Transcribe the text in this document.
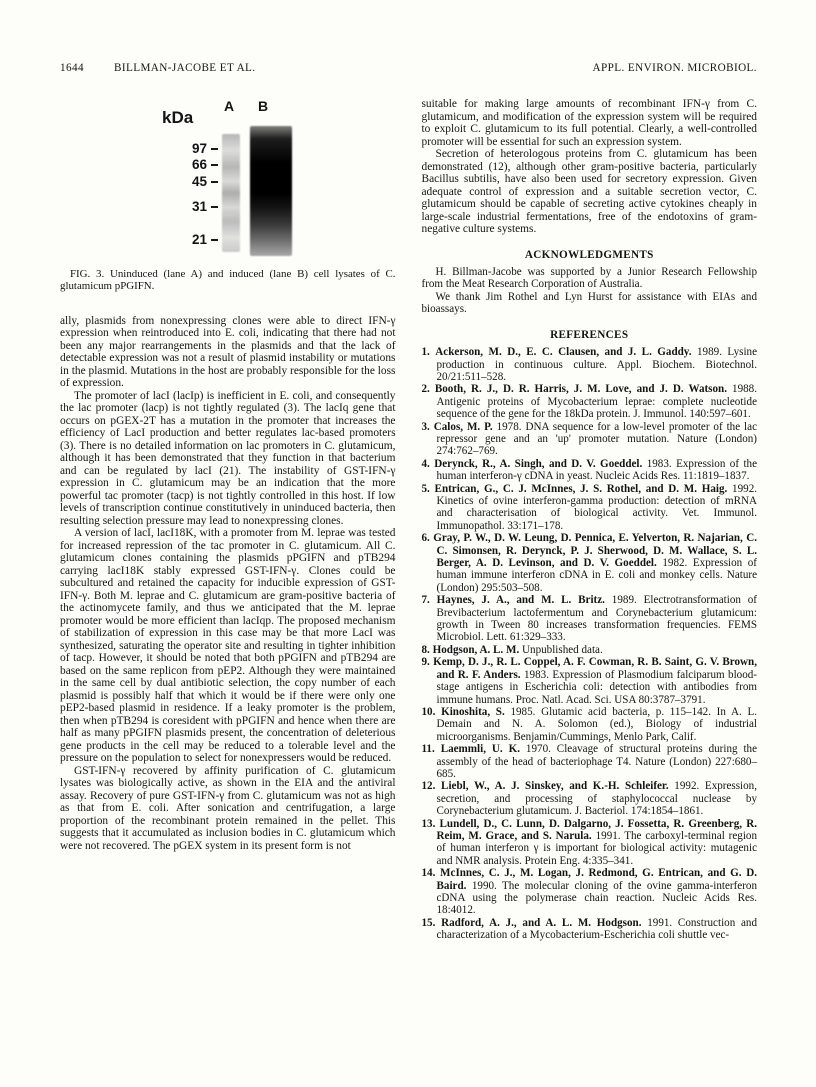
1644	BILLMAN-JACOBE ET AL.	APPL. ENVIRON. MICROBIOL.
kDa
A B
97
66
45
31
21
FIG. 3. Uninduced (lane A) and induced (lane B) cell lysates of C. glutamicum pPGIFN.

ally, plasmids from nonexpressing clones were able to direct IFN-γ expression when reintroduced into E. coli, indicating that there had not been any major rearrangements in the plasmids and that the lack of detectable expression was not a result of plasmid instability or mutations in the plasmid. Mutations in the host are probably responsible for the loss of expression.

The promoter of lacI (lacIp) is inefficient in E. coli, and consequently the lac promoter (lacp) is not tightly regulated (3). The lacIq gene that occurs on pGEX-2T has a mutation in the promoter that increases the efficiency of LacI production and better regulates lac-based promoters (3). There is no detailed information on lac promoters in C. glutamicum, although it has been demonstrated that they function in that bacterium and can be regulated by lacI (21). The instability of GST-IFN-γ expression in C. glutamicum may be an indication that the more powerful tac promoter (tacp) is not tightly controlled in this host. If low levels of transcription continue constitutively in uninduced bacteria, then resulting selection pressure may lead to nonexpressing clones.

A version of lacI, lacI18K, with a promoter from M. leprae was tested for increased repression of the tac promoter in C. glutamicum. All C. glutamicum clones containing the plasmids pPGIFN and pTB294 carrying lacI18K stably expressed GST-IFN-γ. Clones could be subcultured and retained the capacity for inducible expression of GST-IFN-γ. Both M. leprae and C. glutamicum are gram-positive bacteria of the actinomycete family, and thus we anticipated that the M. leprae promoter would be more efficient than lacIqp. The proposed mechanism of stabilization of expression in this case may be that more LacI was synthesized, saturating the operator site and resulting in tighter inhibition of tacp. However, it should be noted that both pPGIFN and pTB294 are based on the same replicon from pEP2. Although they were maintained in the same cell by dual antibiotic selection, the copy number of each plasmid is possibly half that which it would be if there were only one pEP2-based plasmid in residence. If a leaky promoter is the problem, then when pTB294 is coresident with pPGIFN and hence when there are half as many pPGIFN plasmids present, the concentration of deleterious gene products in the cell may be reduced to a tolerable level and the pressure on the population to select for nonexpressers would be reduced.

GST-IFN-γ recovered by affinity purification of C. glutamicum lysates was biologically active, as shown in the EIA and the antiviral assay. Recovery of pure GST-IFN-γ from C. glutamicum was not as high as that from E. coli. After sonication and centrifugation, a large proportion of the recombinant protein remained in the pellet. This suggests that it accumulated as inclusion bodies in C. glutamicum which were not recovered. The pGEX system in its present form is not

suitable for making large amounts of recombinant IFN-γ from C. glutamicum, and modification of the expression system will be required to exploit C. glutamicum to its full potential. Clearly, a well-controlled promoter will be essential for such an expression system.

Secretion of heterologous proteins from C. glutamicum has been demonstrated (12), although other gram-positive bacteria, particularly Bacillus subtilis, have also been used for secretory expression. Given adequate control of expression and a suitable secretion vector, C. glutamicum should be capable of secreting active cytokines cheaply in large-scale industrial fermentations, free of the endotoxins of gram-negative culture systems.

ACKNOWLEDGMENTS

H. Billman-Jacobe was supported by a Junior Research Fellowship from the Meat Research Corporation of Australia.

We thank Jim Rothel and Lyn Hurst for assistance with EIAs and bioassays.

REFERENCES
1. Ackerson, M. D., E. C. Clausen, and J. L. Gaddy. 1989. Lysine production in continuous culture. Appl. Biochem. Biotechnol. 20/21:511–528.
2. Booth, R. J., D. R. Harris, J. M. Love, and J. D. Watson. 1988. Antigenic proteins of Mycobacterium leprae: complete nucleotide sequence of the gene for the 18kDa protein. J. Immunol. 140:597–601.
3. Calos, M. P. 1978. DNA sequence for a low-level promoter of the lac repressor gene and an 'up' promoter mutation. Nature (London) 274:762–769.
4. Derynck, R., A. Singh, and D. V. Goeddel. 1983. Expression of the human interferon-γ cDNA in yeast. Nucleic Acids Res. 11:1819–1837.
5. Entrican, G., C. J. McInnes, J. S. Rothel, and D. M. Haig. 1992. Kinetics of ovine interferon-gamma production: detection of mRNA and characterisation of biological activity. Vet. Immunol. Immunopathol. 33:171–178.
6. Gray, P. W., D. W. Leung, D. Pennica, E. Yelverton, R. Najarian, C. C. Simonsen, R. Derynck, P. J. Sherwood, D. M. Wallace, S. L. Berger, A. D. Levinson, and D. V. Goeddel. 1982. Expression of human immune interferon cDNA in E. coli and monkey cells. Nature (London) 295:503–508.
7. Haynes, J. A., and M. L. Britz. 1989. Electrotransformation of Brevibacterium lactofermentum and Corynebacterium glutamicum: growth in Tween 80 increases transformation frequencies. FEMS Microbiol. Lett. 61:329–333.
8. Hodgson, A. L. M. Unpublished data.
9. Kemp, D. J., R. L. Coppel, A. F. Cowman, R. B. Saint, G. V. Brown, and R. F. Anders. 1983. Expression of Plasmodium falciparum blood-stage antigens in Escherichia coli: detection with antibodies from immune humans. Proc. Natl. Acad. Sci. USA 80:3787–3791.
10. Kinoshita, S. 1985. Glutamic acid bacteria, p. 115–142. In A. L. Demain and N. A. Solomon (ed.), Biology of industrial microorganisms. Benjamin/Cummings, Menlo Park, Calif.
11. Laemmli, U. K. 1970. Cleavage of structural proteins during the assembly of the head of bacteriophage T4. Nature (London) 227:680–685.
12. Liebl, W., A. J. Sinskey, and K.-H. Schleifer. 1992. Expression, secretion, and processing of staphylococcal nuclease by Corynebacterium glutamicum. J. Bacteriol. 174:1854–1861.
13. Lundell, D., C. Lunn, D. Dalgarno, J. Fossetta, R. Greenberg, R. Reim, M. Grace, and S. Narula. 1991. The carboxyl-terminal region of human interferon γ is important for biological activity: mutagenic and NMR analysis. Protein Eng. 4:335–341.
14. McInnes, C. J., M. Logan, J. Redmond, G. Entrican, and G. D. Baird. 1990. The molecular cloning of the ovine gamma-interferon cDNA using the polymerase chain reaction. Nucleic Acids Res. 18:4012.
15. Radford, A. J., and A. L. M. Hodgson. 1991. Construction and characterization of a Mycobacterium-Escherichia coli shuttle vec-
